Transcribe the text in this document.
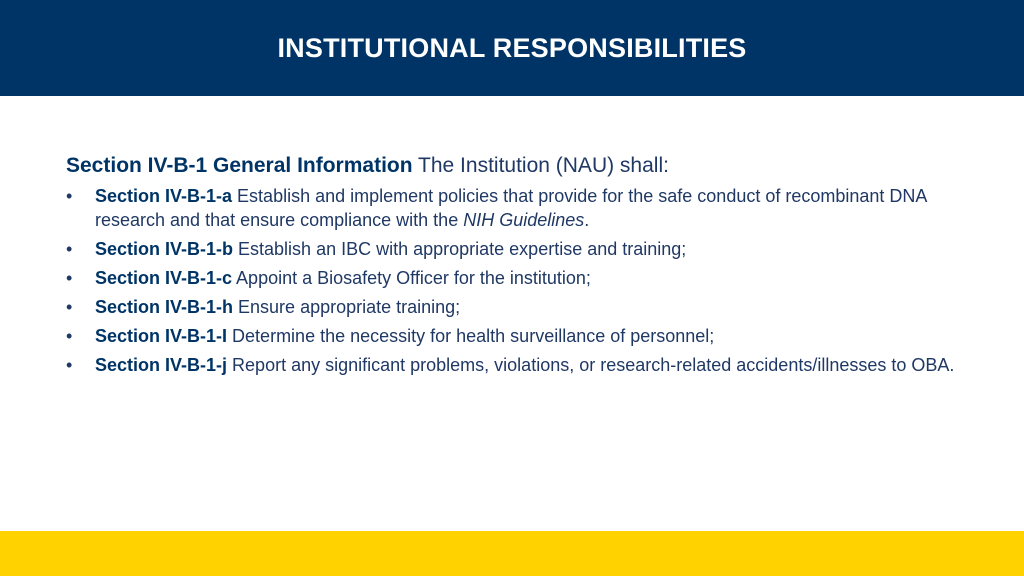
INSTITUTIONAL RESPONSIBILITIES

Section IV-B-1 General Information The Institution (NAU) shall:

• Section IV-B-1-a Establish and implement policies that provide for the safe conduct of recombinant DNA research and that ensure compliance with the NIH Guidelines.
• Section IV-B-1-b Establish an IBC with appropriate expertise and training;
• Section IV-B-1-c Appoint a Biosafety Officer for the institution;
• Section IV-B-1-h Ensure appropriate training;
• Section IV-B-1-I Determine the necessity for health surveillance of personnel;
• Section IV-B-1-j Report any significant problems, violations, or research-related accidents/illnesses to OBA.
